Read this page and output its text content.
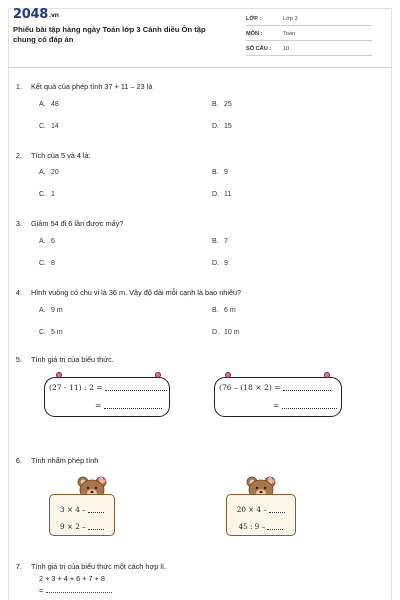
2048.vn
Phiếu bài tập hàng ngày Toán lớp 3 Cánh diều Ôn tập chung có đáp án
LỚP :	Lớp 3
MÔN :	Toán
SỐ CÂU : 10
1. Kết quả của phép tính 37 + 11 – 23 là
A. 48	B. 25
C. 14	D. 15
2. Tích của 5 và 4 là:
A. 20	B. 9
C. 1	D. 11
3. Giảm 54 đi 6 lần được mấy?
A. 6	B. 7
C. 8	D. 9
4. Hình vuông có chu vi là 36 m. Vậy độ dài mỗi cạnh là bao nhiêu?
A. 9 m	B. 6 m
C. 5 m	D. 10 m
5. Tính giá trị của biểu thức.
(27 - 11) : 2 =
=
(76 – (18 × 2) =
=
6. Tính nhẩm phép tính
3 × 4 –
9 × 2 –
20 × 4 –
45 : 9 –
7. Tính giá trị của biểu thức một cách hợp lí.
2 + 3 + 4 + 6 + 7 + 8
=
